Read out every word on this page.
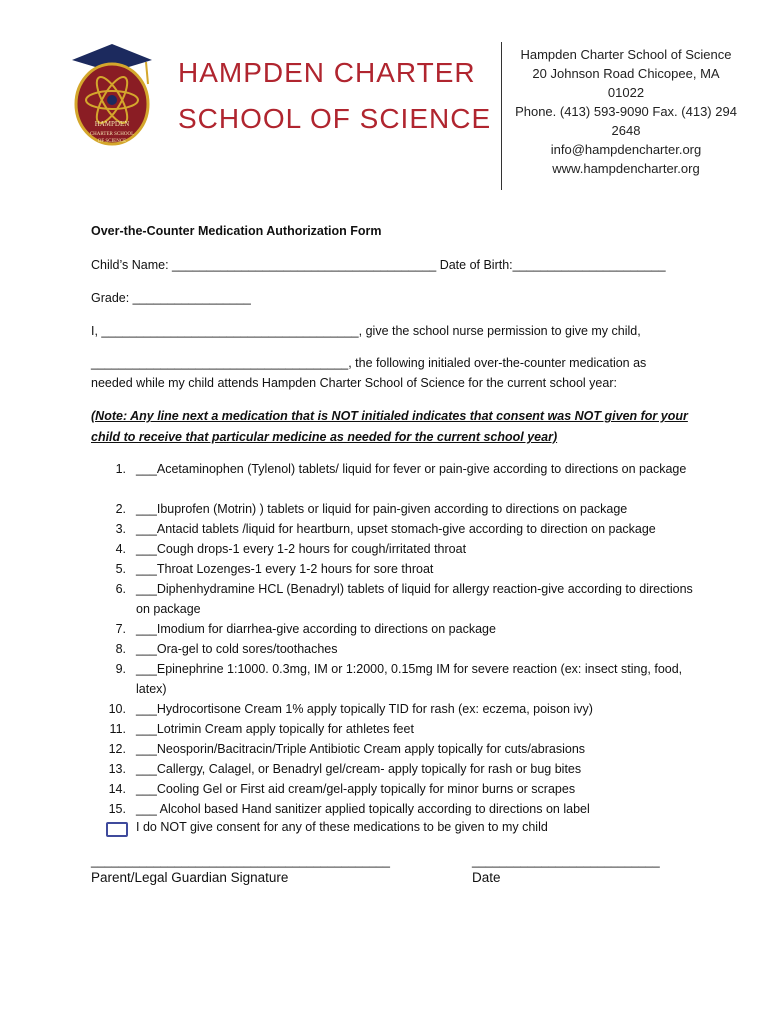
HAMPDEN
CHARTER SCHOOL
OF SCIENCE
HAMPDEN CHARTER
SCHOOL OF SCIENCE
Hampden Charter School of Science
20 Johnson Road Chicopee, MA
01022
Phone. (413) 593-9090 Fax. (413) 294
2648
info@hampdencharter.org
www.hampdencharter.org
Over-the-Counter Medication Authorization Form
Child’s Name: ______________________________________ Date of Birth:______________________
Grade: _________________
I, _____________________________________, give the school nurse permission to give my child,
_____________________________________, the following initialed over-the-counter medication as
needed while my child attends Hampden Charter School of Science for the current school year:
(Note: Any line next a medication that is NOT initialed indicates that consent was NOT given for your child to receive that particular medicine as needed for the current school year)
1. ___Acetaminophen (Tylenol) tablets/ liquid for fever or pain-give according to directions on package
2. ___Ibuprofen (Motrin) ) tablets or liquid for pain-given according to directions on package
3. ___Antacid tablets /liquid for heartburn, upset stomach-give according to direction on package
4. ___Cough drops-1 every 1-2 hours for cough/irritated throat
5. ___Throat Lozenges-1 every 1-2 hours for sore throat
6. ___Diphenhydramine HCL (Benadryl) tablets of liquid for allergy reaction-give according to directions on package
7. ___Imodium for diarrhea-give according to directions on package
8. ___Ora-gel to cold sores/toothaches
9. ___Epinephrine 1:1000. 0.3mg, IM or 1:2000, 0.15mg IM for severe reaction (ex: insect sting, food, latex)
10. ___Hydrocortisone Cream 1% apply topically TID for rash (ex: eczema, poison ivy)
11. ___Lotrimin Cream apply topically for athletes feet
12. ___Neosporin/Bacitracin/Triple Antibiotic Cream apply topically for cuts/abrasions
13. ___Callergy, Calagel, or Benadryl gel/cream- apply topically for rash or bug bites
14. ___Cooling Gel or First aid cream/gel-apply topically for minor burns or scrapes
15. ___ Alcohol based Hand sanitizer applied topically according to directions on label
I do NOT give consent for any of these medications to be given to my child
___________________________________________
Parent/Legal Guardian Signature
___________________________
Date
